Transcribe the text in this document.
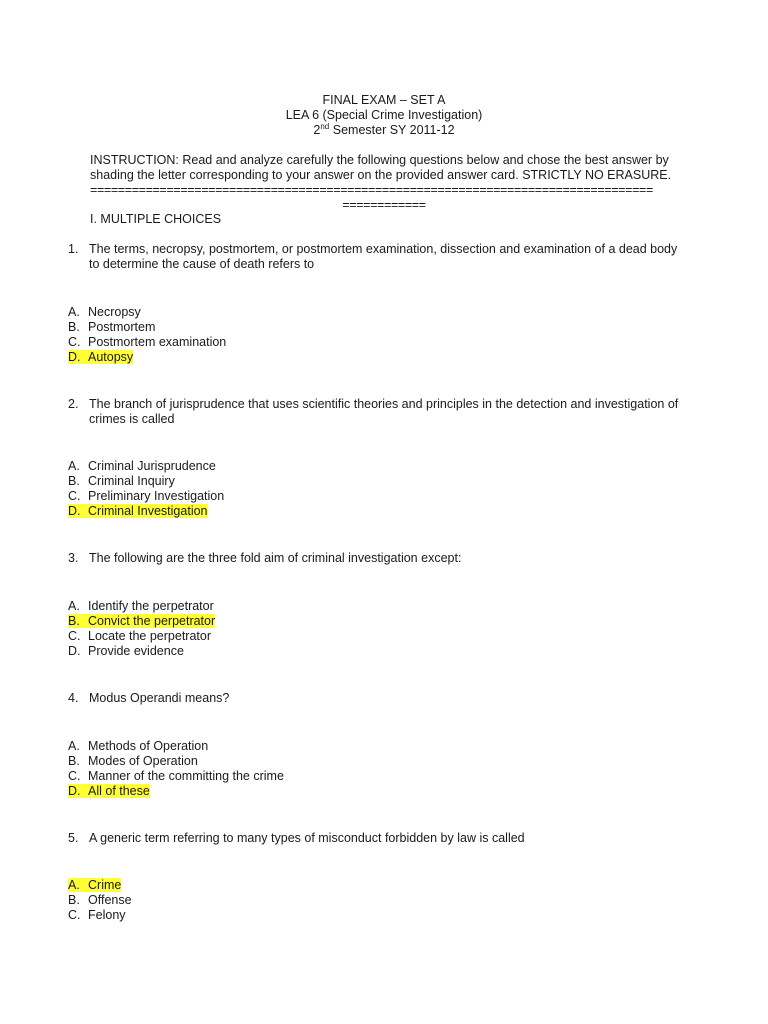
FINAL EXAM – SET A
LEA 6 (Special Crime Investigation)
2nd Semester SY 2011-12
INSTRUCTION: Read and analyze carefully the following questions below and chose the best answer by shading the letter corresponding to your answer on the provided answer card. STRICTLY NO ERASURE.
=================================================================================
============
I. MULTIPLE CHOICES
1. The terms, necropsy, postmortem, or postmortem examination, dissection and examination of a dead body to determine the cause of death refers to
A. Necropsy
B. Postmortem
C. Postmortem examination
D. Autopsy
2. The branch of jurisprudence that uses scientific theories and principles in the detection and investigation of crimes is called
A. Criminal Jurisprudence
B. Criminal Inquiry
C. Preliminary Investigation
D. Criminal Investigation
3. The following are the three fold aim of criminal investigation except:
A. Identify the perpetrator
B. Convict the perpetrator
C. Locate the perpetrator
D. Provide evidence
4. Modus Operandi means?
A. Methods of Operation
B. Modes of Operation
C. Manner of the committing the crime
D. All of these
5. A generic term referring to many types of misconduct forbidden by law is called
A. Crime
B. Offense
C. Felony
